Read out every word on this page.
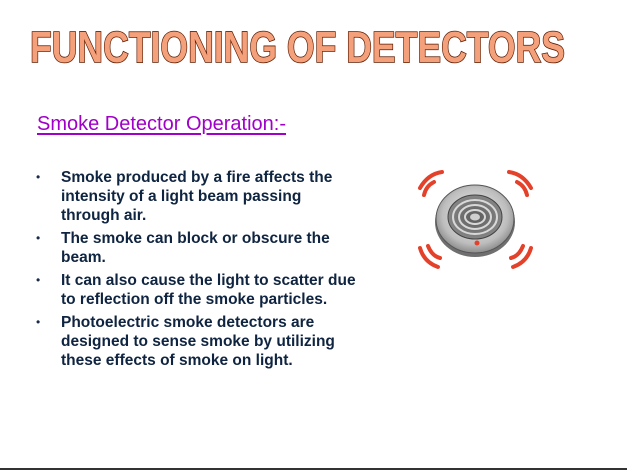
FUNCTIONING OF DETECTORS
Smoke Detector Operation:-
•	Smoke produced by a fire affects the intensity of a light beam passing through air.
•	The smoke can block or obscure the beam.
•	It can also cause the light to scatter due to reflection off the smoke particles.
•	Photoelectric smoke detectors are designed to sense smoke by utilizing these effects of smoke on light.
